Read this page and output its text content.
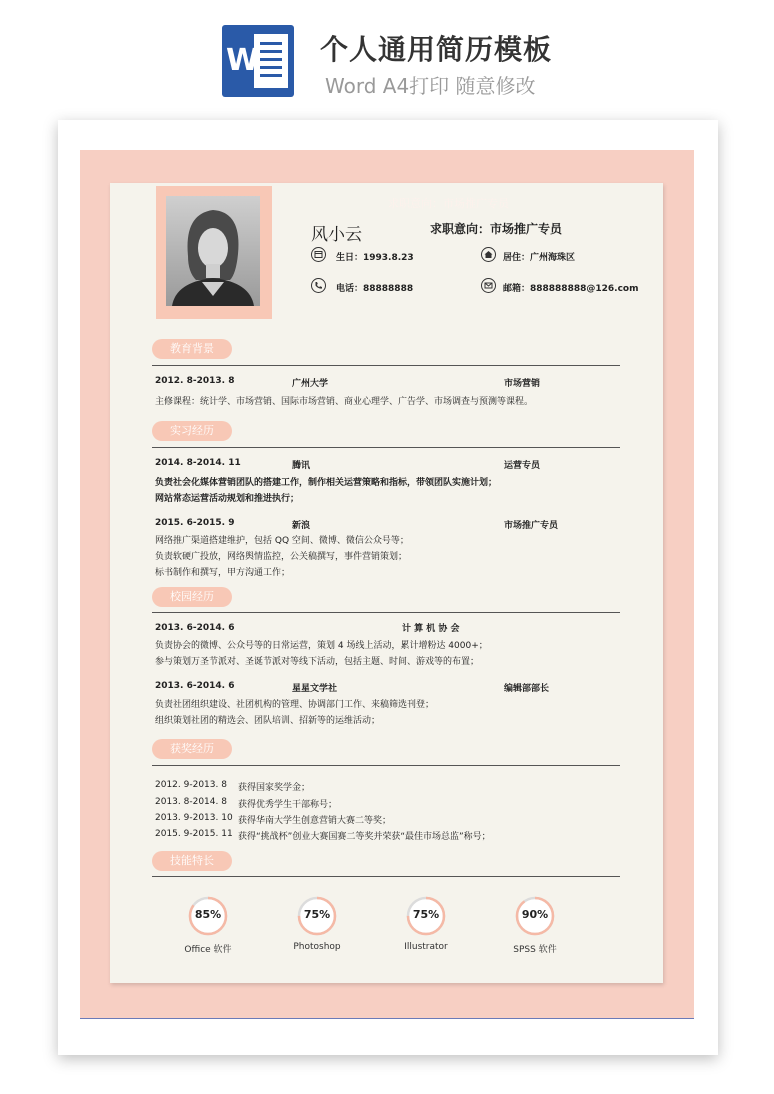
W 个人通用简历模板
Word A4打印 随意修改
求职意向：市场推广专员
风小云	求职意向：市场推广专员
生日：1993.8.23	居住：广州海珠区
电话：88888888	邮箱：888888888@126.com
教育背景
2012. 8-2013. 8	广州大学	市场营销
主修课程：统计学、市场营销、国际市场营销、商业心理学、广告学、市场调查与预测等课程。
实习经历
2014. 8-2014. 11	腾讯	运营专员
负责社会化媒体营销团队的搭建工作，制作相关运营策略和指标，带领团队实施计划；
网站常态运营活动规划和推进执行；
2015. 6-2015. 9	新浪	市场推广专员
网络推广渠道搭建维护，包括 QQ 空间、微博、微信公众号等；
负责软硬广投放，网络舆情监控，公关稿撰写，事件营销策划；
标书制作和撰写，甲方沟通工作；
校园经历
2013. 6-2014. 6	计 算 机 协 会
负责协会的微博、公众号等的日常运营，策划 4 场线上活动，累计增粉达 4000+；
参与策划万圣节派对、圣诞节派对等线下活动，包括主题、时间、游戏等的布置；
2013. 6-2014. 6	星星文学社	编辑部部长
负责社团组织建设、社团机构的管理、协调部门工作、来稿筛选刊登；
组织策划社团的精选会、团队培训、招新等的运维活动；
获奖经历
2012. 9-2013. 8 获得国家奖学金；
2013. 8-2014. 8 获得优秀学生干部称号；
2013. 9-2013. 10 获得华南大学生创意营销大赛二等奖；
2015. 9-2015. 11 获得“挑战杯”创业大赛国赛二等奖并荣获“最佳市场总监”称号；
技能特长
85%
Office 软件
75%
Photoshop
75%
Illustrator
90%
SPSS 软件
